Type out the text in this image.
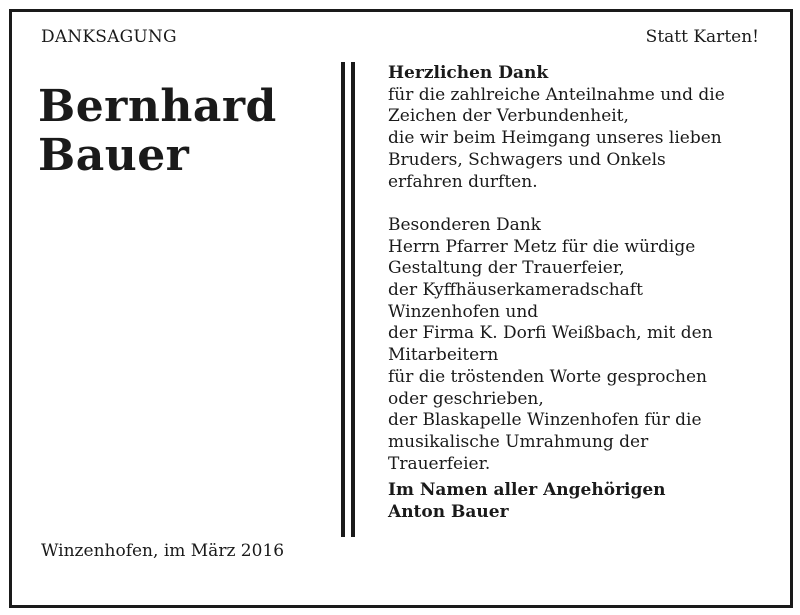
DANKSAGUNG	Statt Karten!
Bernhard
Bauer
Herzlichen Dank
für die zahlreiche Anteilnahme und die
Zeichen der Verbundenheit,
die wir beim Heimgang unseres lieben
Bruders, Schwagers und Onkels
erfahren durften.
Besonderen Dank
Herrn Pfarrer Metz für die würdige
Gestaltung der Trauerfeier,
der Kyffhäuserkameradschaft
Winzenhofen und
der Firma K. Dorfi Weißbach, mit den
Mitarbeitern
für die tröstenden Worte gesprochen
oder geschrieben,
der Blaskapelle Winzenhofen für die
musikalische Umrahmung der
Trauerfeier.
Im Namen aller Angehörigen
Anton Bauer
Winzenhofen, im März 2016
